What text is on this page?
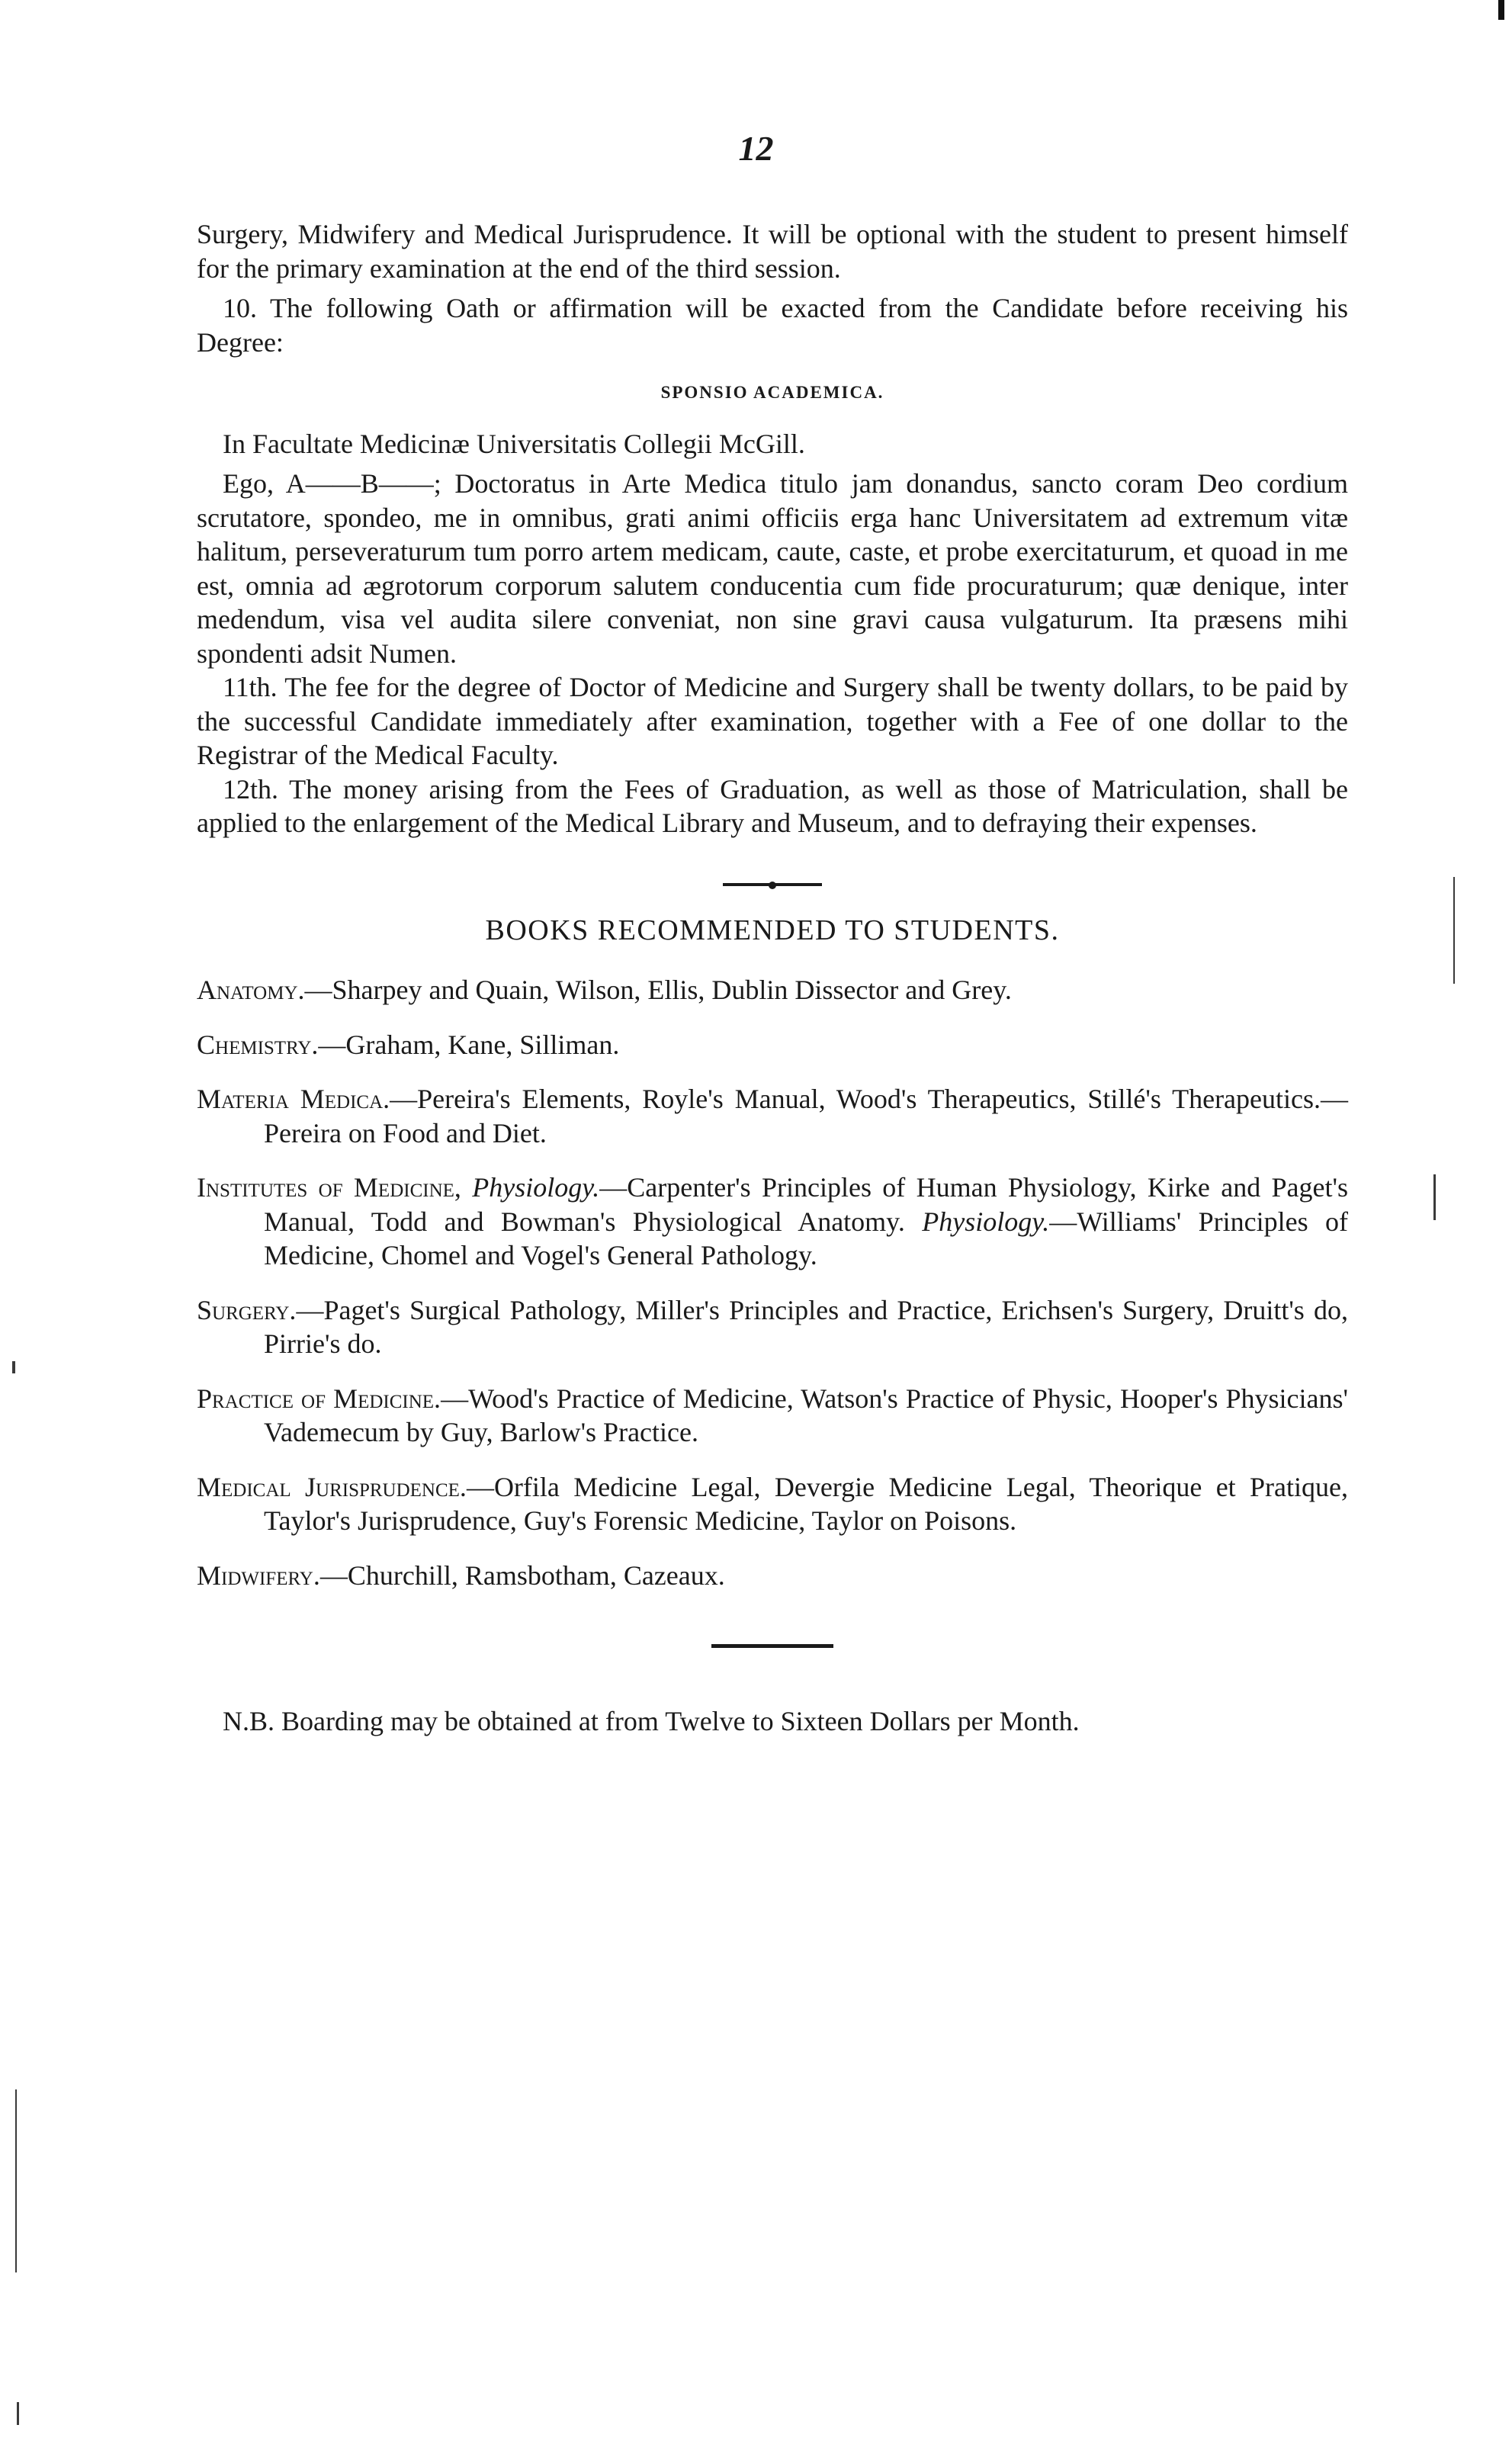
12

Surgery, Midwifery and Medical Jurisprudence. It will be optional with the student to present himself for the primary examination at the end of the third session.

10. The following Oath or affirmation will be exacted from the Candidate before receiving his Degree:

SPONSIO ACADEMICA.

In Facultate Medicinæ Universitatis Collegii McGill.

Ego, A——B——; Doctoratus in Arte Medica titulo jam donandus, sancto coram Deo cordium scrutatore, spondeo, me in omnibus, grati animi officiis erga hanc Universitatem ad extremum vitæ halitum, perseveraturum tum porro artem medicam, caute, caste, et probe exercitaturum, et quoad in me est, omnia ad ægrotorum corporum salutem conducentia cum fide procuraturum; quæ denique, inter medendum, visa vel audita silere conveniat, non sine gravi causa vulgaturum. Ita præsens mihi spondenti adsit Numen.

11th. The fee for the degree of Doctor of Medicine and Surgery shall be twenty dollars, to be paid by the successful Candidate immediately after examination, together with a Fee of one dollar to the Registrar of the Medical Faculty.

12th. The money arising from the Fees of Graduation, as well as those of Matriculation, shall be applied to the enlargement of the Medical Library and Museum, and to defraying their expenses.

BOOKS RECOMMENDED TO STUDENTS.

Anatomy.—Sharpey and Quain, Wilson, Ellis, Dublin Dissector and Grey.

Chemistry.—Graham, Kane, Silliman.

Materia Medica.—Pereira's Elements, Royle's Manual, Wood's Therapeutics, Stillé's Therapeutics.—Pereira on Food and Diet.

Institutes of Medicine, Physiology.—Carpenter's Principles of Human Physiology, Kirke and Paget's Manual, Todd and Bowman's Physiological Anatomy. Physiology.—Williams' Principles of Medicine, Chomel and Vogel's General Pathology.

Surgery.—Paget's Surgical Pathology, Miller's Principles and Practice, Erichsen's Surgery, Druitt's do, Pirrie's do.

Practice of Medicine.—Wood's Practice of Medicine, Watson's Practice of Physic, Hooper's Physicians' Vademecum by Guy, Barlow's Practice.

Medical Jurisprudence.—Orfila Medicine Legal, Devergie Medicine Legal, Theorique et Pratique, Taylor's Jurisprudence, Guy's Forensic Medicine, Taylor on Poisons.

Midwifery.—Churchill, Ramsbotham, Cazeaux.

N.B. Boarding may be obtained at from Twelve to Sixteen Dollars per Month.
